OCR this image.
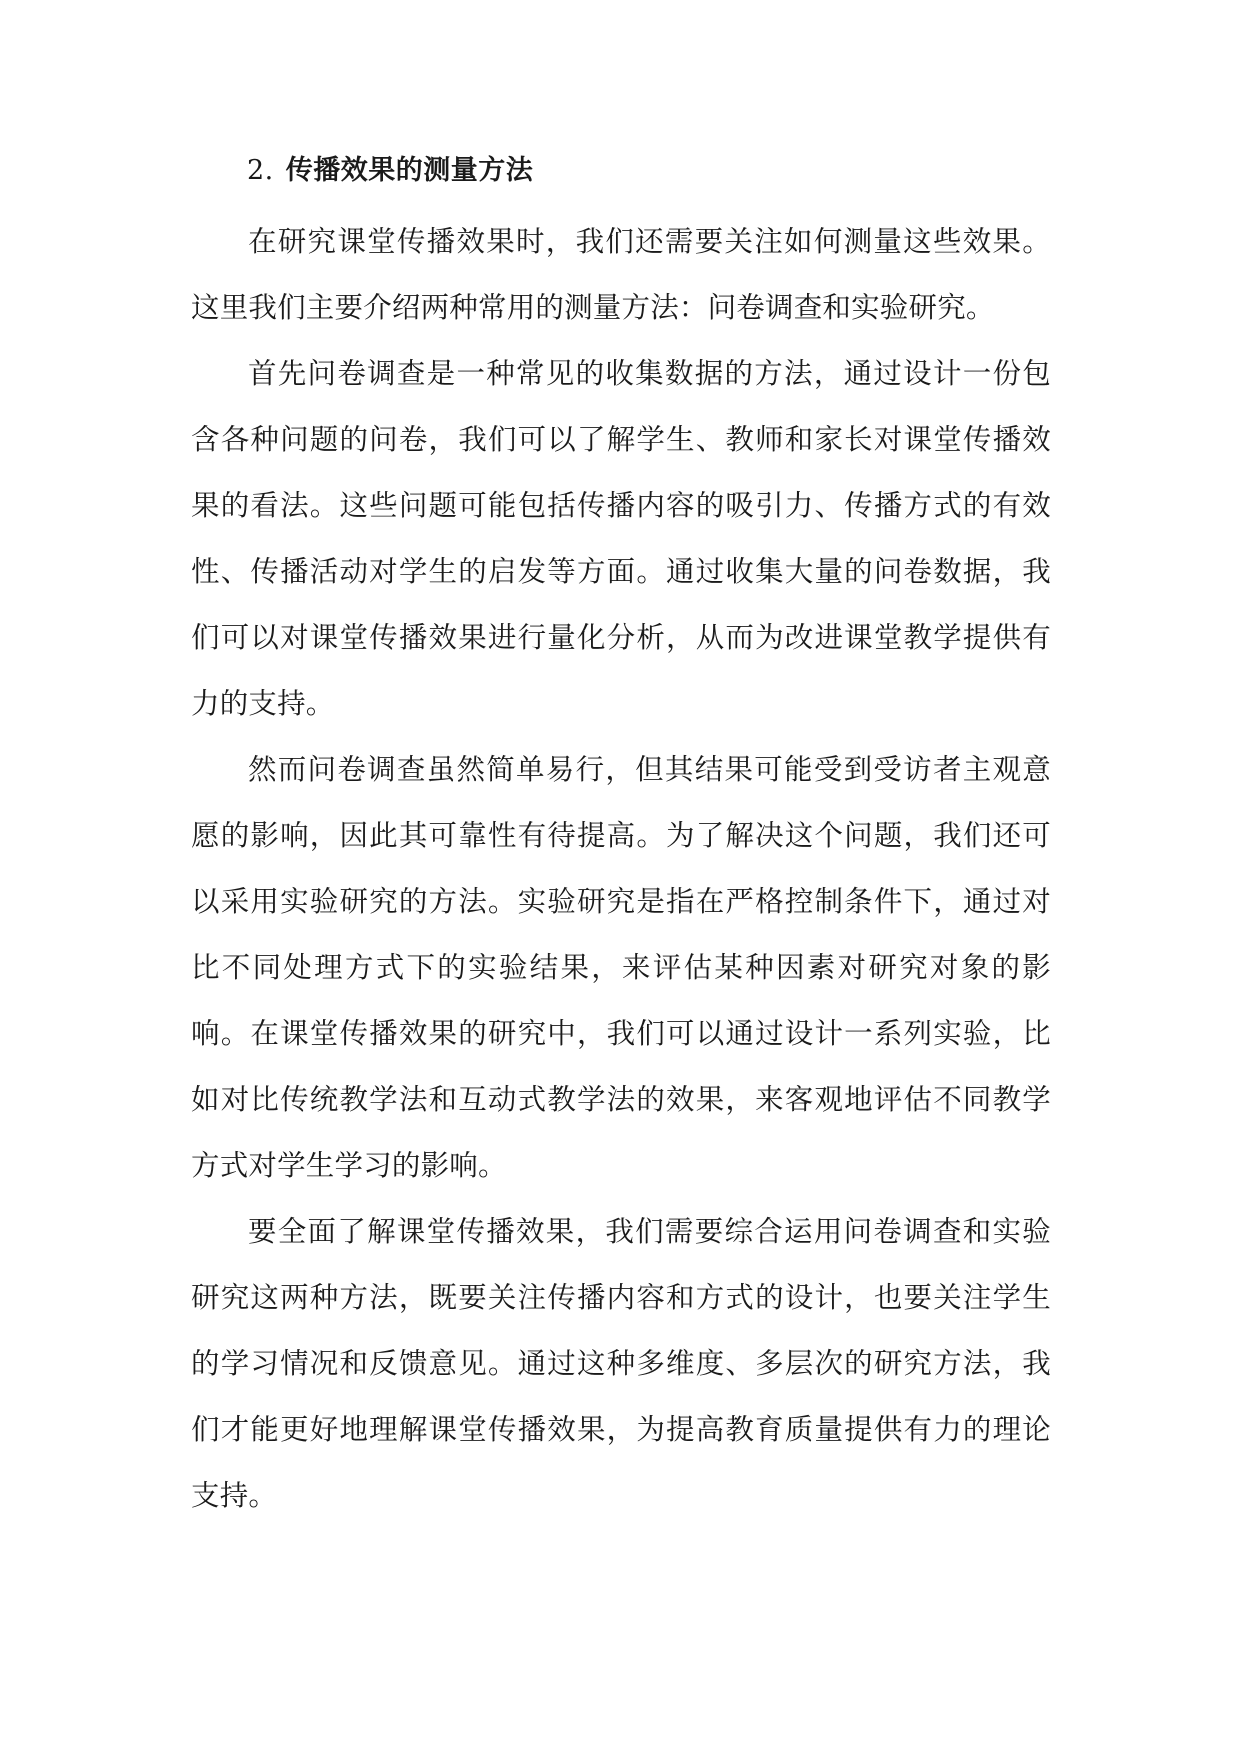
2. 传播效果的测量方法

在研究课堂传播效果时，我们还需要关注如何测量这些效果。这里我们主要介绍两种常用的测量方法：问卷调查和实验研究。

首先问卷调查是一种常见的收集数据的方法，通过设计一份包含各种问题的问卷，我们可以了解学生、教师和家长对课堂传播效果的看法。这些问题可能包括传播内容的吸引力、传播方式的有效性、传播活动对学生的启发等方面。通过收集大量的问卷数据，我们可以对课堂传播效果进行量化分析，从而为改进课堂教学提供有力的支持。

然而问卷调查虽然简单易行，但其结果可能受到受访者主观意愿的影响，因此其可靠性有待提高。为了解决这个问题，我们还可以采用实验研究的方法。实验研究是指在严格控制条件下，通过对比不同处理方式下的实验结果，来评估某种因素对研究对象的影响。在课堂传播效果的研究中，我们可以通过设计一系列实验，比如对比传统教学法和互动式教学法的效果，来客观地评估不同教学方式对学生学习的影响。

要全面了解课堂传播效果，我们需要综合运用问卷调查和实验研究这两种方法，既要关注传播内容和方式的设计，也要关注学生的学习情况和反馈意见。通过这种多维度、多层次的研究方法，我们才能更好地理解课堂传播效果，为提高教育质量提供有力的理论支持。
